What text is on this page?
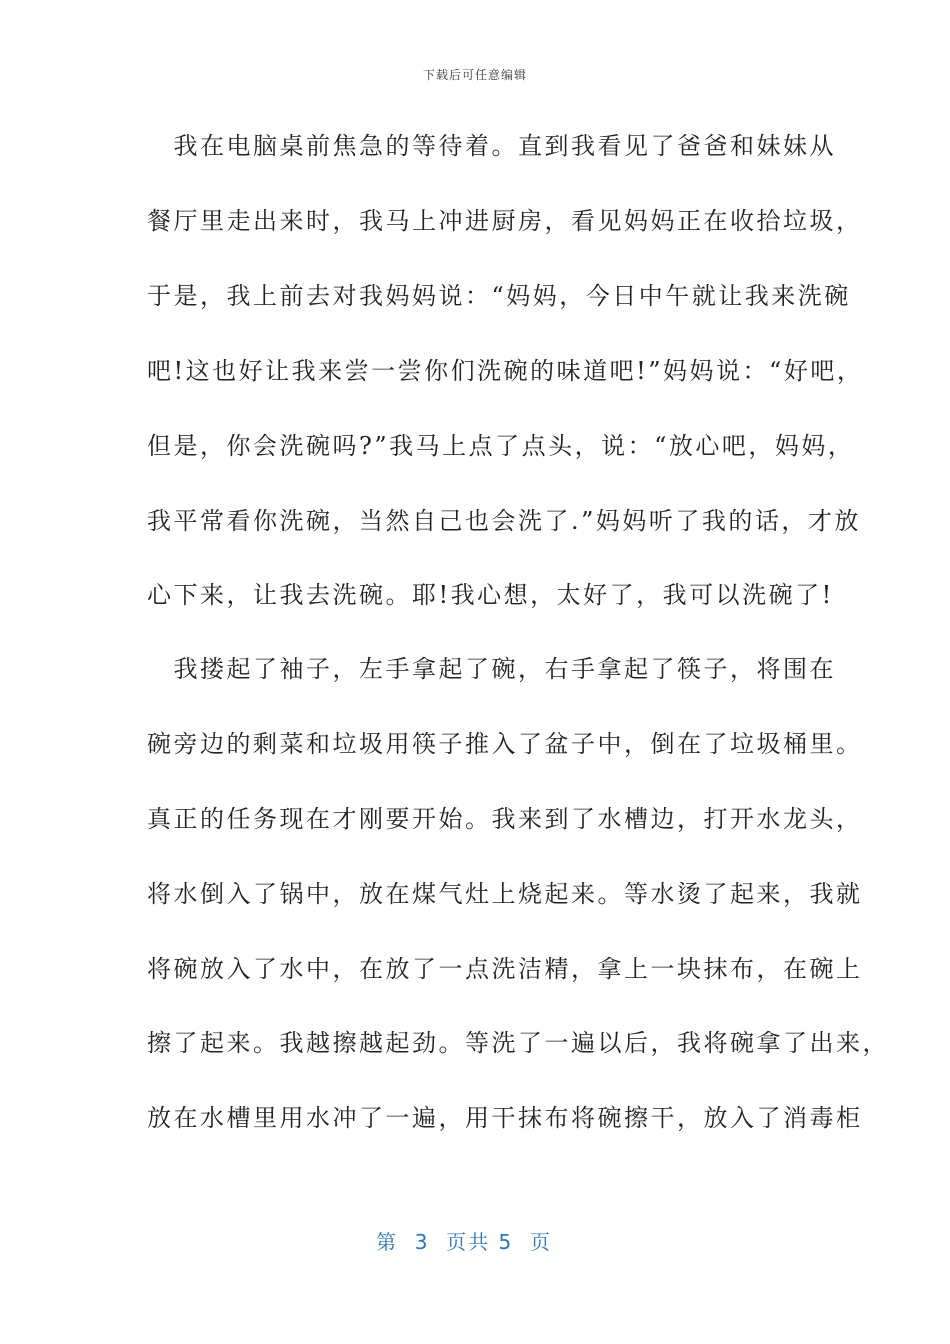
下载后可任意编辑
　我在电脑桌前焦急的等待着。直到我看见了爸爸和妹妹从
餐厅里走出来时，我马上冲进厨房，看见妈妈正在收拾垃圾，
于是，我上前去对我妈妈说：“妈妈，今日中午就让我来洗碗
吧!这也好让我来尝一尝你们洗碗的味道吧!”妈妈说：“好吧，
但是，你会洗碗吗?”我马上点了点头，说：“放心吧，妈妈，
我平常看你洗碗，当然自己也会洗了.”妈妈听了我的话，才放
心下来，让我去洗碗。耶!我心想，太好了，我可以洗碗了!
　我搂起了袖子，左手拿起了碗，右手拿起了筷子，将围在
碗旁边的剩菜和垃圾用筷子推入了盆子中，倒在了垃圾桶里。
真正的任务现在才刚要开始。我来到了水槽边，打开水龙头，
将水倒入了锅中，放在煤气灶上烧起来。等水烫了起来，我就
将碗放入了水中，在放了一点洗洁精，拿上一块抹布，在碗上
擦了起来。我越擦越起劲。等洗了一遍以后，我将碗拿了出来，
放在水槽里用水冲了一遍，用干抹布将碗擦干，放入了消毒柜
第  3  页共 5  页
